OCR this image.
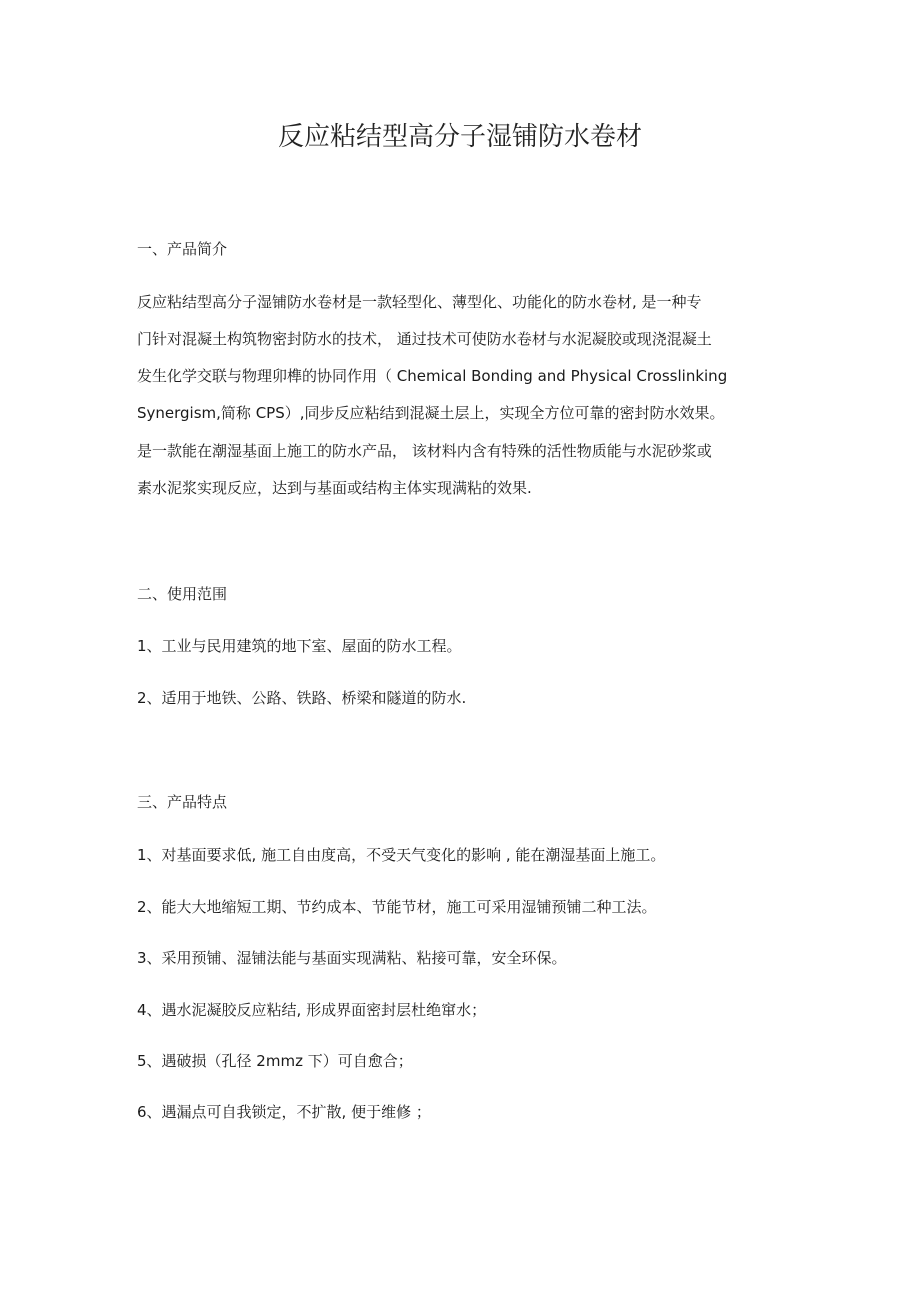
反应粘结型高分子湿铺防水卷材
一、产品简介
反应粘结型高分子湿铺防水卷材是一款轻型化、薄型化、功能化的防水卷材, 是一种专
门针对混凝土构筑物密封防水的技术， 通过技术可使防水卷材与水泥凝胶或现浇混凝土
发生化学交联与物理卯榫的协同作用（ Chemical Bonding and Physical Crosslinking
Synergism,简称 CPS）,同步反应粘结到混凝土层上，实现全方位可靠的密封防水效果。
是一款能在潮湿基面上施工的防水产品， 该材料内含有特殊的活性物质能与水泥砂浆或
素水泥浆实现反应，达到与基面或结构主体实现满粘的效果.
二、使用范围
1、工业与民用建筑的地下室、屋面的防水工程。
2、适用于地铁、公路、铁路、桥梁和隧道的防水.
三、产品特点
1、对基面要求低, 施工自由度高，不受天气变化的影响 , 能在潮湿基面上施工。
2、能大大地缩短工期、节约成本、节能节材，施工可采用湿铺预铺二种工法。
3、采用预铺、湿铺法能与基面实现满粘、粘接可靠，安全环保。
4、遇水泥凝胶反应粘结, 形成界面密封层杜绝窜水；
5、遇破损（孔径 2mmz 下）可自愈合；
6、遇漏点可自我锁定，不扩散, 便于维修 ；
